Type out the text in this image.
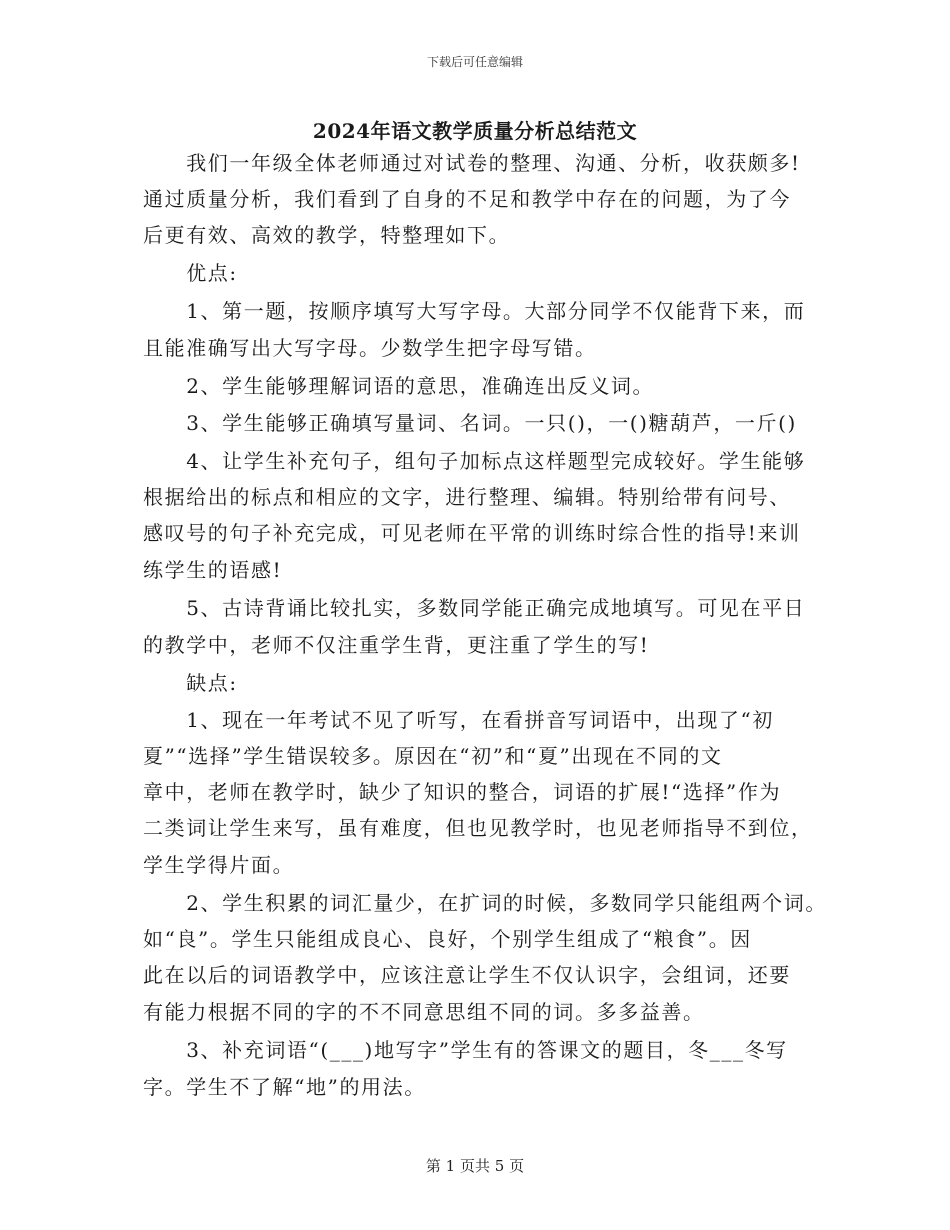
下载后可任意编辑
2024年语文教学质量分析总结范文
　　我们一年级全体老师通过对试卷的整理、沟通、分析，收获颇多!
通过质量分析，我们看到了自身的不足和教学中存在的问题，为了今
后更有效、高效的教学，特整理如下。
　　优点:
　　1、第一题，按顺序填写大写字母。大部分同学不仅能背下来，而
且能准确写出大写字母。少数学生把字母写错。
　　2、学生能够理解词语的意思，准确连出反义词。
　　3、学生能够正确填写量词、名词。一只()，一()糖葫芦，一斤()
　　4、让学生补充句子，组句子加标点这样题型完成较好。学生能够
根据给出的标点和相应的文字，进行整理、编辑。特别给带有问号、
感叹号的句子补充完成，可见老师在平常的训练时综合性的指导!来训
练学生的语感!
　　5、古诗背诵比较扎实，多数同学能正确完成地填写。可见在平日
的教学中，老师不仅注重学生背，更注重了学生的写!
　　缺点:
　　1、现在一年考试不见了听写，在看拼音写词语中，出现了“初
夏”“选择”学生错误较多。原因在“初”和“夏”出现在不同的文
章中，老师在教学时，缺少了知识的整合，词语的扩展!“选择”作为
二类词让学生来写，虽有难度，但也见教学时，也见老师指导不到位，
学生学得片面。
　　2、学生积累的词汇量少，在扩词的时候，多数同学只能组两个词。
如“良”。学生只能组成良心、良好，个别学生组成了“粮食”。因
此在以后的词语教学中，应该注意让学生不仅认识字，会组词，还要
有能力根据不同的字的不不同意思组不同的词。多多益善。
　　3、补充词语“(___)地写字”学生有的答课文的题目，冬___冬写
字。学生不了解“地”的用法。
第 1 页共 5 页
